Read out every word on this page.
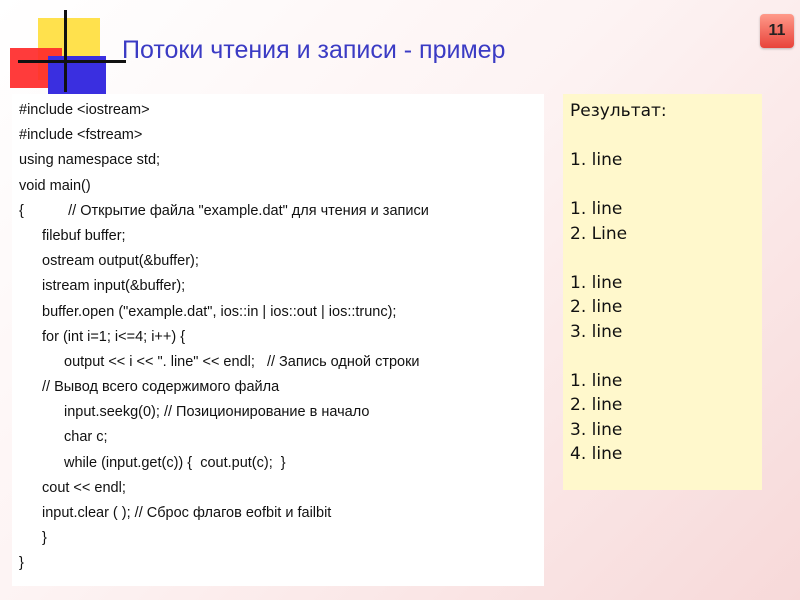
Потоки чтения и записи - пример
11
#include <iostream>
#include <fstream>
using namespace std;
void main()
{           // Открытие файла "example.dat" для чтения и записи
filebuf buffer;
ostream output(&buffer);
istream input(&buffer);
buffer.open ("example.dat", ios::in | ios::out | ios::trunc);
for (int i=1; i<=4; i++) {
output << i << ". line" << endl;   // Запись одной строки
// Вывод всего содержимого файла
input.seekg(0); // Позиционирование в начало
char c;
while (input.get(c)) {  cout.put(c);  }
cout << endl;
input.clear ( ); // Сброс флагов eofbit и failbit
}
}
Результат:
1. line
1. line
2. Line
1. line
2. line
3. line
1. line
2. line
3. line
4. line
